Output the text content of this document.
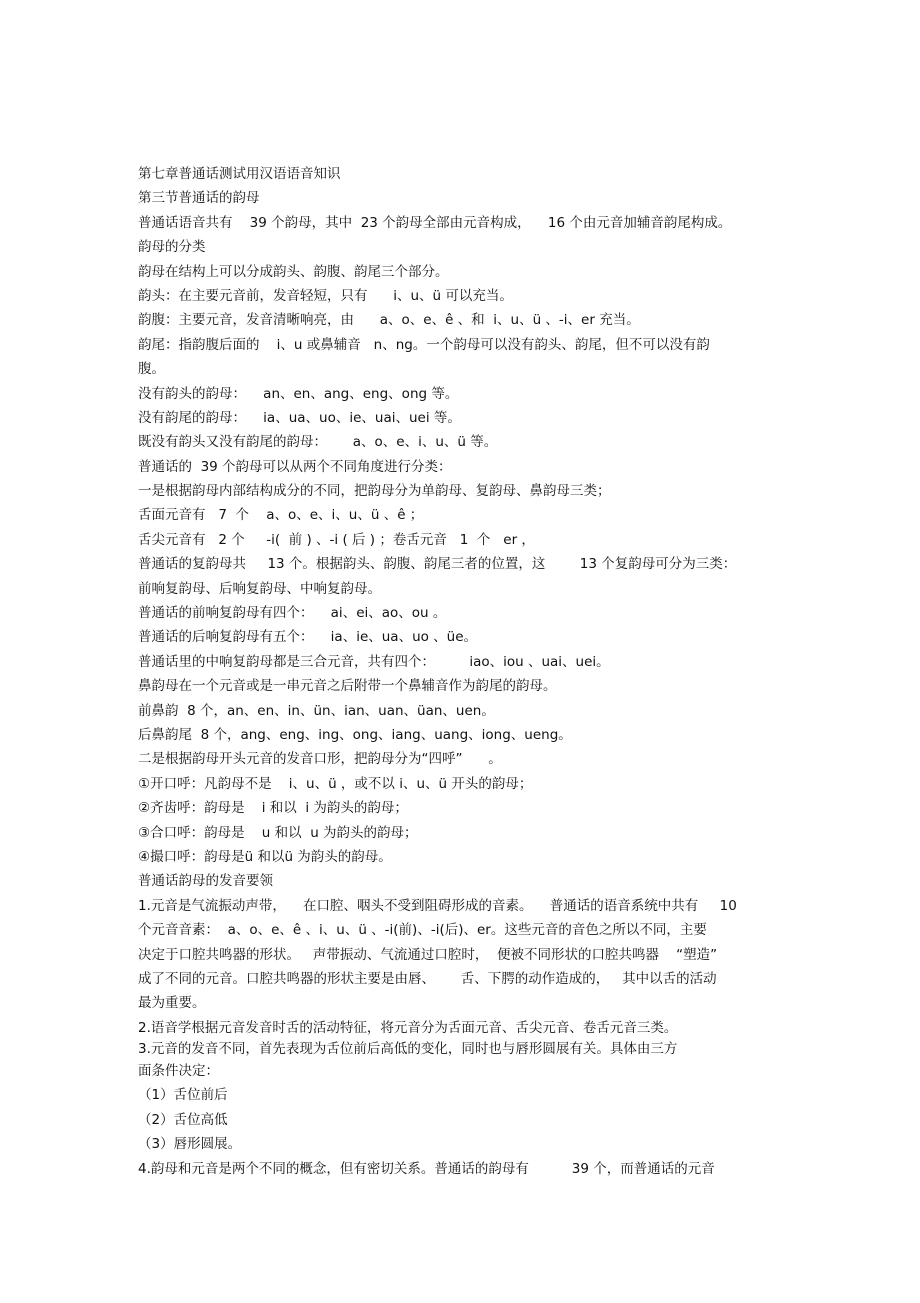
第七章普通话测试用汉语语音知识
第三节普通话的韵母
普通话语音共有    39 个韵母，其中  23 个韵母全部由元音构成，    16 个由元音加辅音韵尾构成。
韵母的分类
韵母在结构上可以分成韵头、韵腹、韵尾三个部分。
韵头：在主要元音前，发音轻短，只有      i、u、ü 可以充当。
韵腹：主要元音，发音清晰响亮，由      a、o、e、ê 、和  i、u、ü 、-i、er 充当。
韵尾：指韵腹后面的    i、u 或鼻辅音   n、ng。一个韵母可以没有韵头、韵尾，但不可以没有韵
腹。
没有韵头的韵母：    an、en、ang、eng、ong 等。
没有韵尾的韵母：    ia、ua、uo、ie、uai、uei 等。
既没有韵头又没有韵尾的韵母：      a、o、e、i、u、ü 等。
普通话的  39 个韵母可以从两个不同角度进行分类：
一是根据韵母内部结构成分的不同，把韵母分为单韵母、复韵母、鼻韵母三类；
舌面元音有   7  个    a、o、e、i、u、ü 、ê ；
舌尖元音有   2 个     -i(  前 ) 、-i ( 后 ) ；卷舌元音   1  个   er ，
普通话的复韵母共     13 个。根据韵头、韵腹、韵尾三者的位置，这        13 个复韵母可分为三类：
前响复韵母、后响复韵母、中响复韵母。
普通话的前响复韵母有四个：    ai、ei、ao、ou 。
普通话的后响复韵母有五个：    ia、ie、ua、uo 、üe。
普通话里的中响复韵母都是三合元音，共有四个：        iao、iou 、uai、uei。
鼻韵母在一个元音或是一串元音之后附带一个鼻辅音作为韵尾的韵母。
前鼻韵  8 个，an、en、in、ün、ian、uan、üan、uen。
后鼻韵尾  8 个，ang、eng、ing、ong、iang、uang、iong、ueng。
二是根据韵母开头元音的发音口形，把韵母分为“四呼”      。
①开口呼：凡韵母不是    i、u、ü ，或不以 i、u、ü 开头的韵母；
②齐齿呼：韵母是    i 和以  i 为韵头的韵母；
③合口呼：韵母是    u 和以  u 为韵头的韵母；
④撮口呼：韵母是ü 和以ü 为韵头的韵母。
普通话韵母的发音要领
1.元音是气流振动声带，    在口腔、咽头不受到阻碍形成的音素。    普通话的语音系统中共有     10
个元音音素：  a、o、e、ê 、i、u、ü 、-i(前)、-i(后)、er。这些元音的音色之所以不同，主要
决定于口腔共鸣器的形状。   声带振动、气流通过口腔时，  便被不同形状的口腔共鸣器    “塑造”
成了不同的元音。口腔共鸣器的形状主要是由唇、      舌、下腭的动作造成的，   其中以舌的活动
最为重要。
2.语音学根据元音发音时舌的活动特征，将元音分为舌面元音、舌尖元音、卷舌元音三类。
3.元音的发音不同，首先表现为舌位前后高低的变化，同时也与唇形圆展有关。具体由三方
面条件决定：
（1）舌位前后
（2）舌位高低
（3）唇形圆展。
4.韵母和元音是两个不同的概念，但有密切关系。普通话的韵母有          39 个，而普通话的元音
